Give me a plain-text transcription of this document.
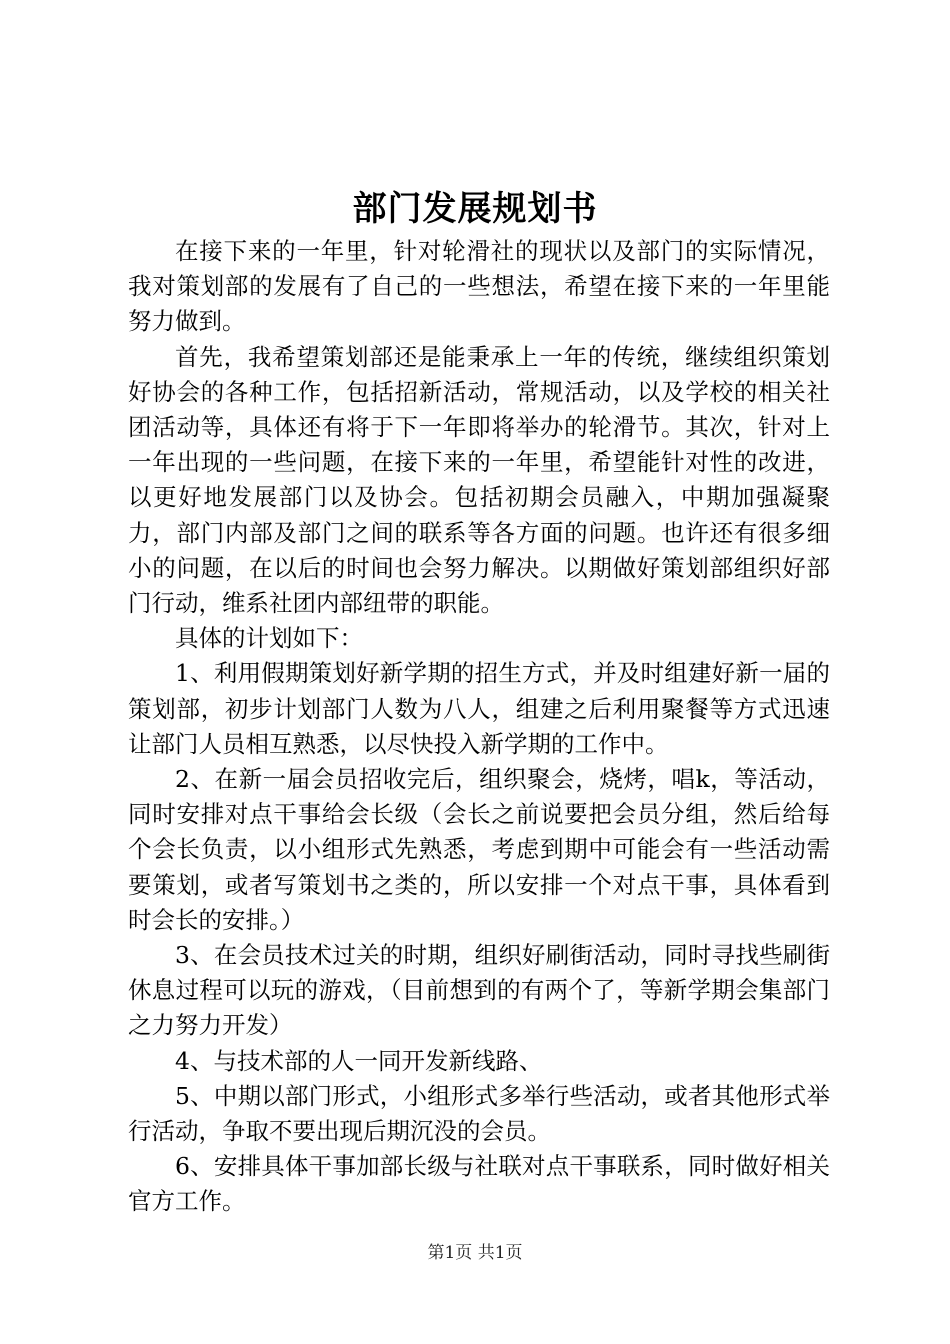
部门发展规划书

在接下来的一年里，针对轮滑社的现状以及部门的实际情况，我对策划部的发展有了自己的一些想法，希望在接下来的一年里能努力做到。

首先，我希望策划部还是能秉承上一年的传统，继续组织策划好协会的各种工作，包括招新活动，常规活动，以及学校的相关社团活动等，具体还有将于下一年即将举办的轮滑节。其次，针对上一年出现的一些问题，在接下来的一年里，希望能针对性的改进，以更好地发展部门以及协会。包括初期会员融入，中期加强凝聚力，部门内部及部门之间的联系等各方面的问题。也许还有很多细小的问题，在以后的时间也会努力解决。以期做好策划部组织好部门行动，维系社团内部纽带的职能。

具体的计划如下：

1、利用假期策划好新学期的招生方式，并及时组建好新一届的策划部，初步计划部门人数为八人，组建之后利用聚餐等方式迅速让部门人员相互熟悉，以尽快投入新学期的工作中。

2、在新一届会员招收完后，组织聚会，烧烤，唱k，等活动，同时安排对点干事给会长级（会长之前说要把会员分组，然后给每个会长负责，以小组形式先熟悉，考虑到期中可能会有一些活动需要策划，或者写策划书之类的，所以安排一个对点干事，具体看到时会长的安排。）

3、在会员技术过关的时期，组织好刷街活动，同时寻找些刷街休息过程可以玩的游戏，（目前想到的有两个了，等新学期会集部门之力努力开发）

4、与技术部的人一同开发新线路、

5、中期以部门形式，小组形式多举行些活动，或者其他形式举行活动，争取不要出现后期沉没的会员。

6、安排具体干事加部长级与社联对点干事联系，同时做好相关官方工作。

第1页 共1页
